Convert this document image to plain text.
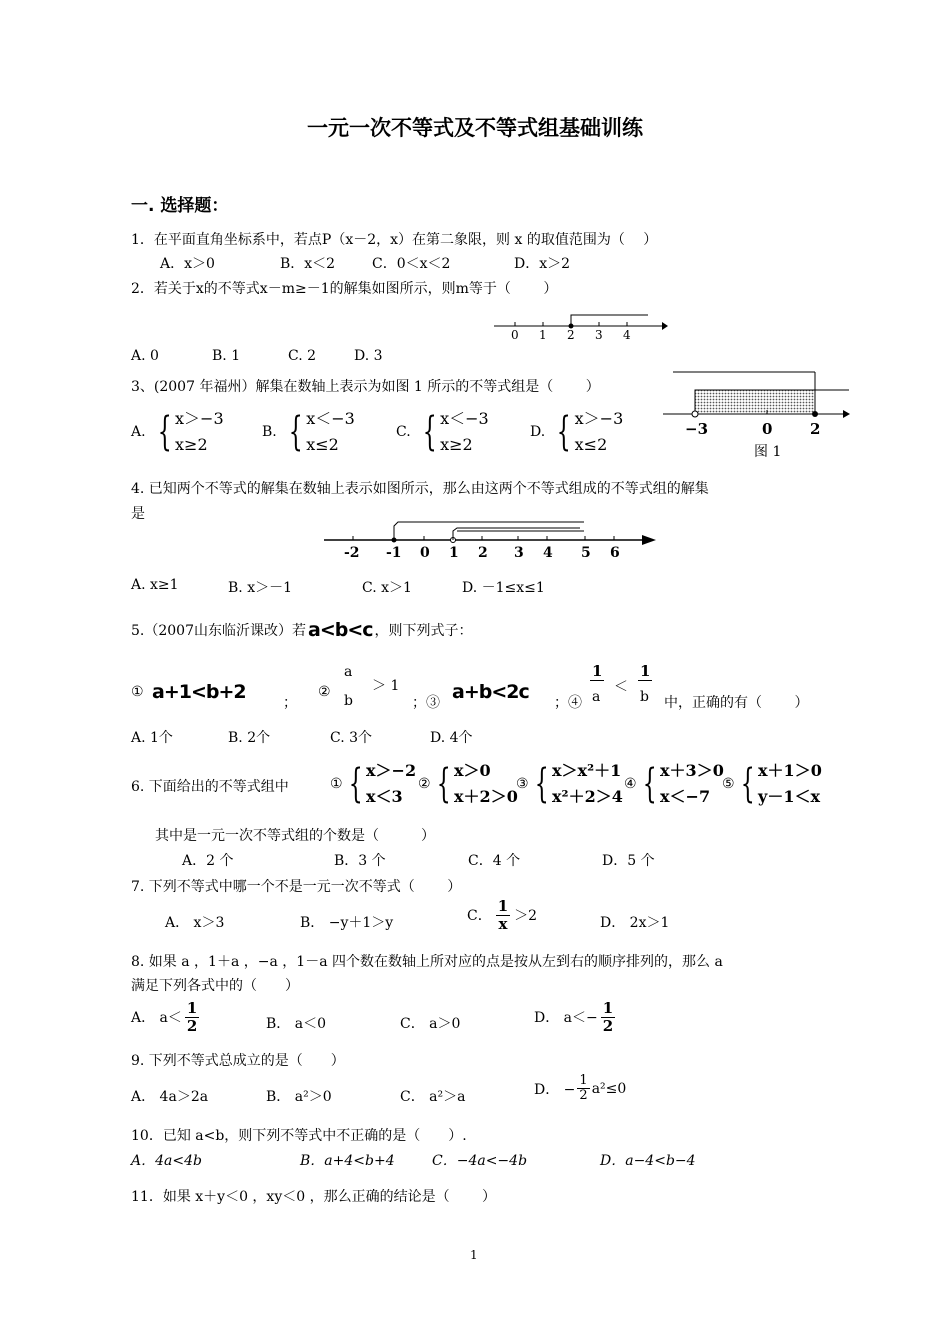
一元一次不等式及不等式组基础训练
一. 选择题：
1．在平面直角坐标系中，若点P（x－2，x）在第二象限，则 x 的取值范围为（　 ）
A．x＞0	B．x＜2	C．0＜x＜2	D．x＞2
2．若关于x的不等式x－m≥－1的解集如图所示，则m等于（　　 ）
0 1 2 3 4
A. 0	B. 1	C. 2	D. 3
3、(2007 年福州）解集在数轴上表示为如图 1 所示的不等式组是（　　 ）
A. { x＞−3
x≥2
B. { x＜−3
x≤2
C. { x＜−3
x≥2
D. { x＞−3
x≤2
−3	0	2
图 1
4. 已知两个不等式的解集在数轴上表示如图所示，那么由这两个不等式组成的不等式组的解集
是
-2 -1 0 1 2 3 4 5 6
A. x≥1	B. x＞－1	C. x＞1	D. －1≤x≤1
5.（2007山东临沂课改）若 a<b<c ，则下列式子：
① a+1<b+2	；
②
a
b
＞ 1
；③ a+b<2c ；④
1
a
＜
1
b 中，正确的有（　　 ）
A. 1个	B. 2个	C. 3个	D. 4个
6. 下面给出的不等式组中	① { x＞−2
x＜3
② { x＞0
x＋2＞0
③ { x＞x²＋1
x²＋2＞4
④ { x＋3＞0
x＜−7
⑤ { x＋1＞0
y－1＜x
其中是一元一次不等式组的个数是（　　　）
A．2 个	B．3 个	C．4 个	D．5 个
7. 下列不等式中哪一个不是一元一次不等式（　　 ）
A． x＞3	B． −y＋1＞y	C． $\frac{1}{x} >2$	D． 2x＞1
8. 如果 a ，1＋a ，−a ，1－a 四个数在数轴上所对应的点是按从左到右的顺序排列的，那么 a
满足下列各式中的（　　）
A． $a< \frac{1}{2}$	B． a＜0	C． a＞0	D． $a<- \frac{1}{2}$
9. 下列不等式总成立的是（　　）
A． 4a＞2a	B． a²＞0	C． a²＞a	D． − $\frac{1}{2} a^2\le 0$
10．已知 a<b，则下列不等式中不正确的是（　　）.
A．4a<4b	B．a+4<b+4	C．−4a<−4b	D．a−4<b−4
11．如果 x＋y＜0 ，xy＜0 ，那么正确的结论是（　　 ）
1
